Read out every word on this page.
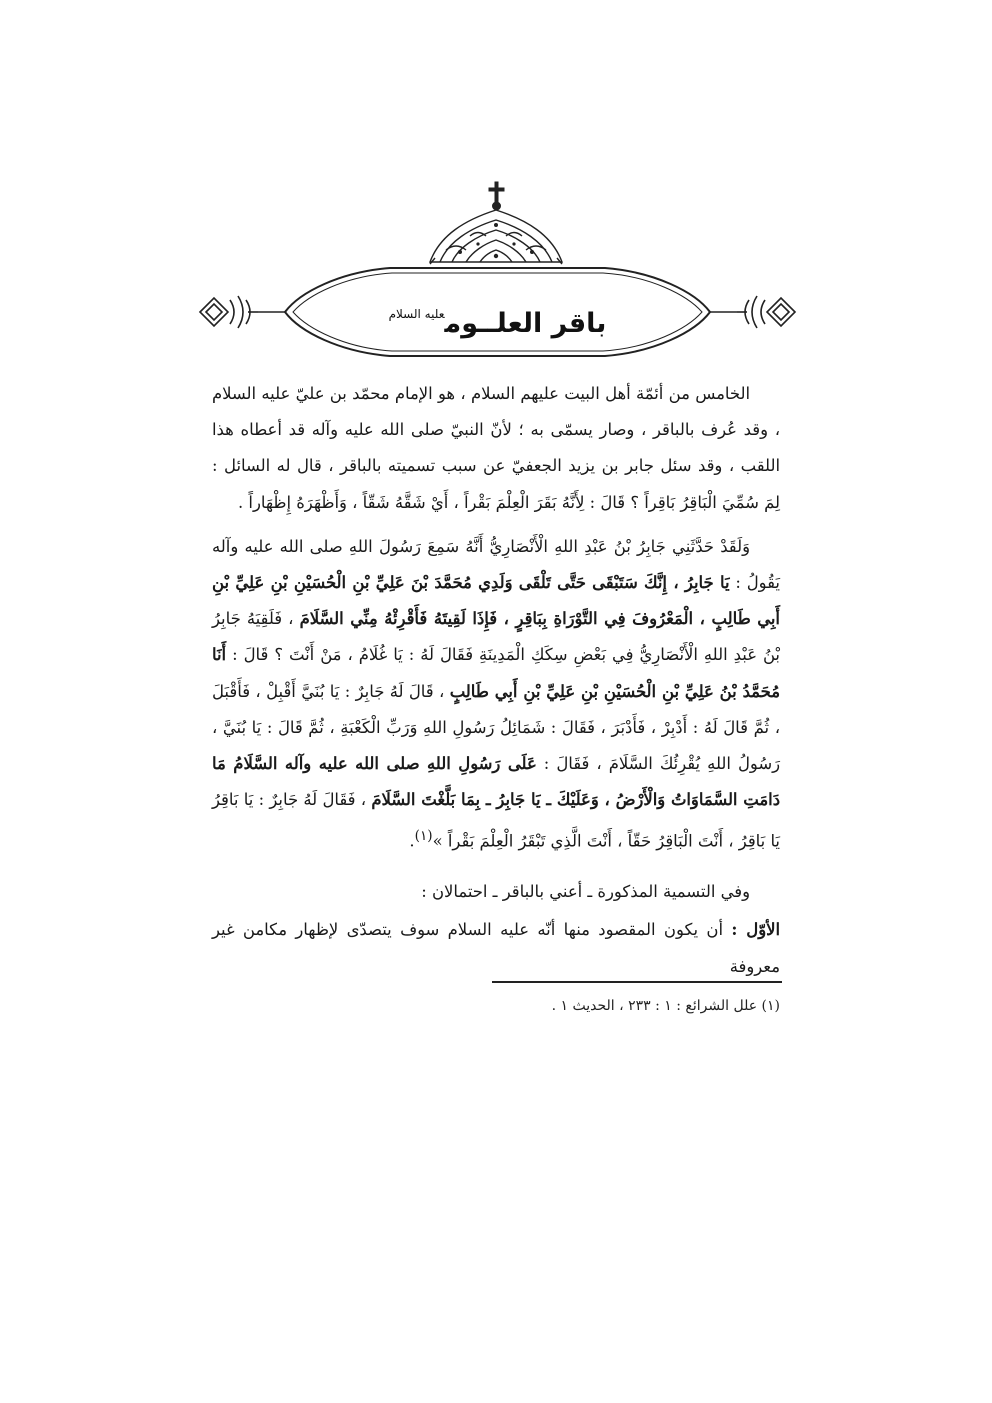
باقر العلــوم$^{عليه السلام}$

الخامس من أئمّة أهل البيت عليهم السلام ، هو الإمام محمّد بن عليّ عليه السلام ، وقد عُرف بالباقر ، وصار يسمّى به ؛ لأنّ النبيّ صلى الله عليه وآله قد أعطاه هذا اللقب ، وقد سئل جابر بن يزيد الجعفيّ عن سبب تسميته بالباقر ، قال له السائل : لِمَ سُمِّيَ الْبَاقِرُ بَاقِراً ؟ قَالَ : لِأَنَّهُ بَقَرَ الْعِلْمَ بَقْراً ، أَيْ شَقَّهُ شَقّاً ، وَأَظْهَرَهُ إِظْهَاراً .

وَلَقَدْ حَدَّثَنِي جَابِرُ بْنُ عَبْدِ اللهِ الْأَنْصَارِيُّ أَنَّهُ سَمِعَ رَسُولَ اللهِ صلى الله عليه وآله يَقُولُ : يَا جَابِرُ ، إِنَّكَ سَتَبْقَى حَتَّى تَلْقَى وَلَدِي مُحَمَّدَ بْنَ عَلِيِّ بْنِ الْحُسَيْنِ بْنِ عَلِيِّ بْنِ أَبِي طَالِبٍ ، الْمَعْرُوفَ فِي التَّوْرَاةِ بِبَاقِرٍ ، فَإِذَا لَقِيتَهُ فَأَقْرِئْهُ مِنِّي السَّلَامَ ، فَلَقِيَهُ جَابِرُ بْنُ عَبْدِ اللهِ الْأَنْصَارِيُّ فِي بَعْضِ سِكَكِ الْمَدِينَةِ فَقَالَ لَهُ : يَا غُلَامُ ، مَنْ أَنْتَ ؟ قَالَ : أَنَا مُحَمَّدُ بْنُ عَلِيِّ بْنِ الْحُسَيْنِ بْنِ عَلِيِّ بْنِ أَبِي طَالِبٍ ، قَالَ لَهُ جَابِرٌ : يَا بُنَيَّ أَقْبِلْ ، فَأَقْبَلَ ، ثُمَّ قَالَ لَهُ : أَدْبِرْ ، فَأَدْبَرَ ، فَقَالَ : شَمَائِلُ رَسُولِ اللهِ وَرَبِّ الْكَعْبَةِ ، ثُمَّ قَالَ : يَا بُنَيَّ ، رَسُولُ اللهِ يُقْرِئُكَ السَّلَامَ ، فَقَالَ : عَلَى رَسُولِ اللهِ صلى الله عليه وآله السَّلَامُ مَا دَامَتِ السَّمَاوَاتُ وَالْأَرْضُ ، وَعَلَيْكَ ـ يَا جَابِرُ ـ بِمَا بَلَّغْتَ السَّلَامَ ، فَقَالَ لَهُ جَابِرٌ : يَا بَاقِرُ يَا بَاقِرُ ، أَنْتَ الْبَاقِرُ حَقّاً ، أَنْتَ الَّذِي تَبْقَرُ الْعِلْمَ بَقْراً »$^{(١)}$.

وفي التسمية المذكورة ـ أعني بالباقر ـ احتمالان :

الأوّل : أن يكون المقصود منها أنّه عليه السلام سوف يتصدّى لإظهار مكامن غير معروفة

(١) علل الشرائع : ١ : ٢٣٣ ، الحديث ١ .
